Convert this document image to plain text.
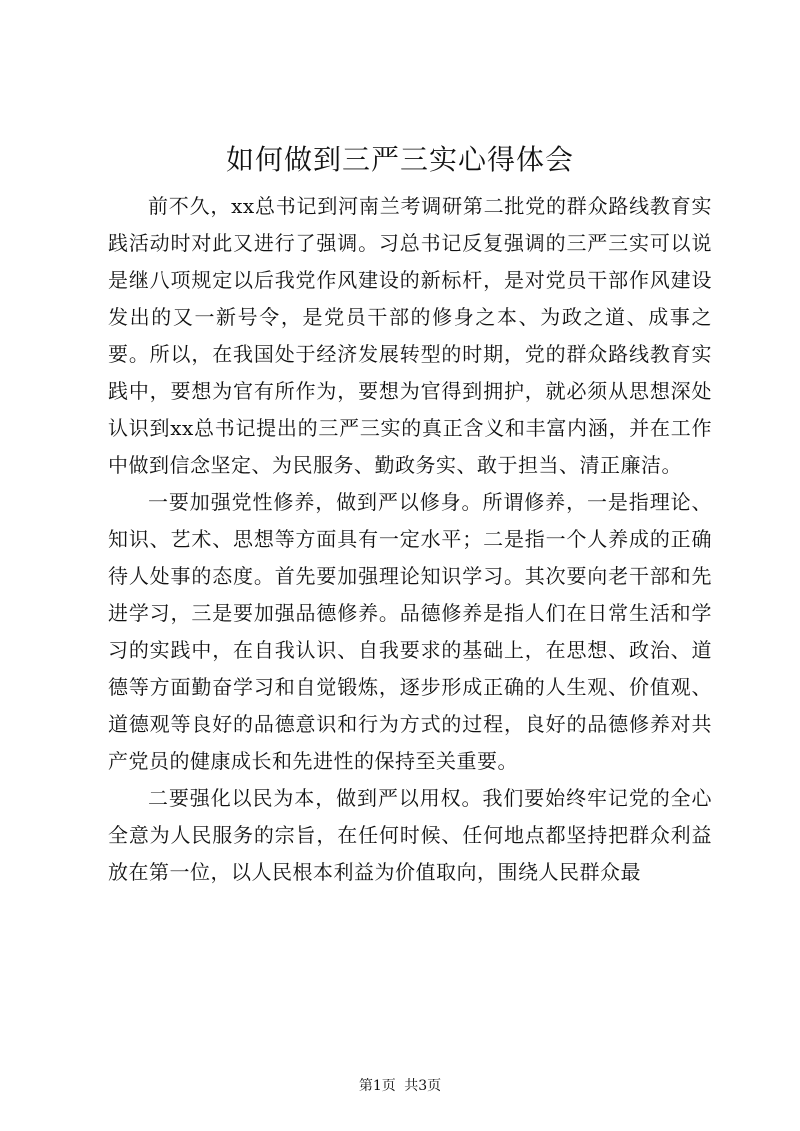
如何做到三严三实心得体会

前不久，xx总书记到河南兰考调研第二批党的群众路线教育实践活动时对此又进行了强调。习总书记反复强调的三严三实可以说是继八项规定以后我党作风建设的新标杆，是对党员干部作风建设发出的又一新号令，是党员干部的修身之本、为政之道、成事之要。所以，在我国处于经济发展转型的时期，党的群众路线教育实践中，要想为官有所作为，要想为官得到拥护，就必须从思想深处认识到xx总书记提出的三严三实的真正含义和丰富内涵，并在工作中做到信念坚定、为民服务、勤政务实、敢于担当、清正廉洁。

一要加强党性修养，做到严以修身。所谓修养，一是指理论、知识、艺术、思想等方面具有一定水平；二是指一个人养成的正确待人处事的态度。首先要加强理论知识学习。其次要向老干部和先进学习，三是要加强品德修养。品德修养是指人们在日常生活和学习的实践中，在自我认识、自我要求的基础上，在思想、政治、道德等方面勤奋学习和自觉锻炼，逐步形成正确的人生观、价值观、道德观等良好的品德意识和行为方式的过程，良好的品德修养对共产党员的健康成长和先进性的保持至关重要。

二要强化以民为本，做到严以用权。我们要始终牢记党的全心全意为人民服务的宗旨，在任何时候、任何地点都坚持把群众利益放在第一位，以人民根本利益为价值取向，围绕人民群众最

第1页 共3页
